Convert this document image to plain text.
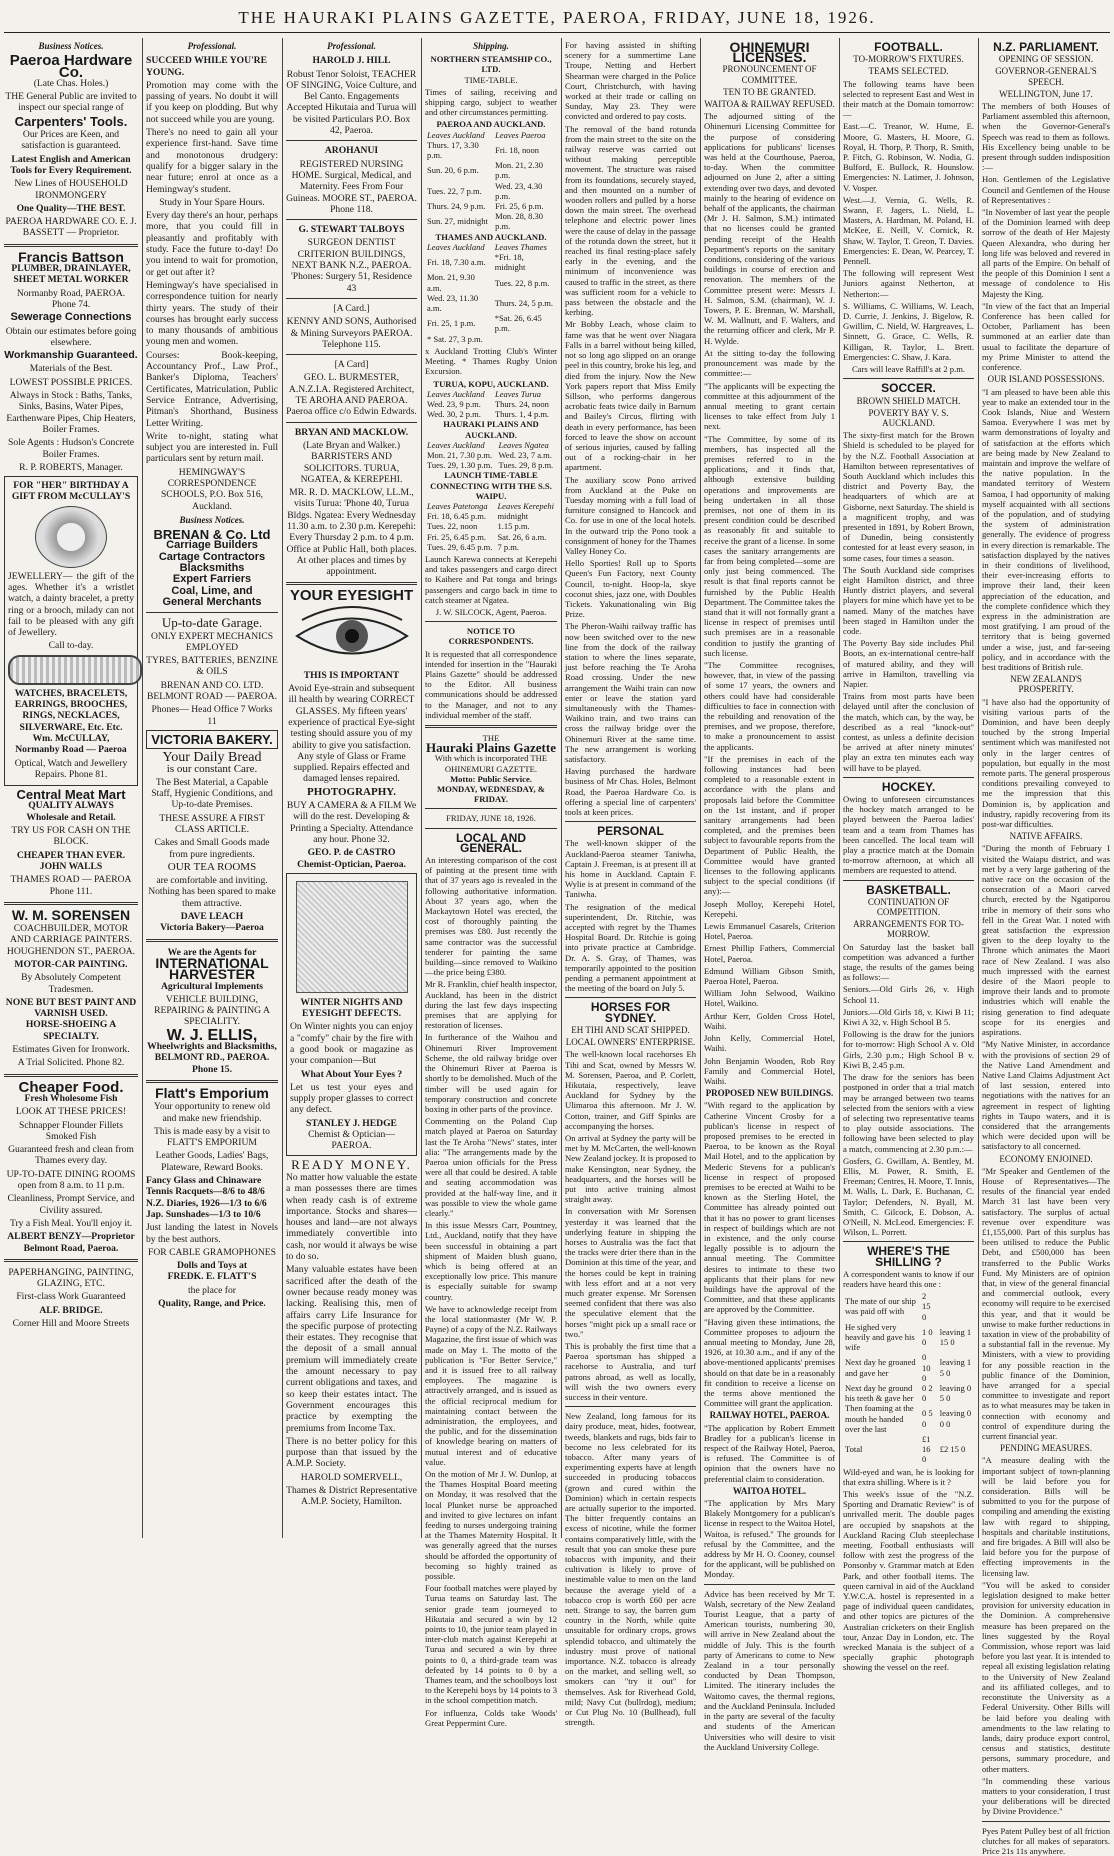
THE HAURAKI PLAINS GAZETTE, PAEROA, FRIDAY, JUNE 18, 1926.
Business Notices.
Paeroa Hardware Co.
(Late Chas. Holes.)

THE General Public are invited to inspect our special range of

Carpenters' Tools.

Our Prices are Keen, and satisfaction is guaranteed.

Latest English and American Tools for Every Requirement.

New Lines of HOUSEHOLD IRONMONGERY

One Quality—THE BEST.

PAEROA HARDWARE CO. E. J. BASSETT — Proprietor.

Francis Battson
PLUMBER, DRAINLAYER, SHEET METAL WORKER

Normanby Road, PAEROA. Phone 74.

Sewerage Connections

Obtain our estimates before going elsewhere.

Workmanship Guaranteed.

Materials of the Best.

LOWEST POSSIBLE PRICES.

Always in Stock : Baths, Tanks, Sinks, Basins, Water Pipes, Earthenware Pipes, Chip Heaters, Boiler Frames.

Sole Agents : Hudson's Concrete Boiler Frames.

R. P. ROBERTS, Manager.

FOR "HER" BIRTHDAY A GIFT FROM McCULLAY'S

JEWELLERY— the gift of the ages. Whether it's a wristlet watch, a dainty bracelet, a pretty ring or a brooch, milady can not fail to be pleased with any gift of Jewellery.

Call to-day.

WATCHES, BRACELETS, EARRINGS, BROOCHES, RINGS, NECKLACES, SILVERWARE, Etc. Etc.
Wm. McCULLAY,
Normanby Road — Paeroa

Optical, Watch and Jewellery Repairs. Phone 81.

Central Meat Mart
QUALITY ALWAYS
Wholesale and Retail.

TRY US FOR CASH ON THE BLOCK.

CHEAPER THAN EVER.
JOHN WALLS

THAMES ROAD — PAEROA Phone 111.

W. M. SORENSEN

COACHBUILDER, MOTOR AND CARRIAGE PAINTERS. HOUGHENDON ST., PAEROA.

MOTOR-CAR PAINTING.

By Absolutely Competent Tradesmen.

NONE BUT BEST PAINT AND VARNISH USED.
HORSE-SHOEING A SPECIALTY.

Estimates Given for Ironwork.

A Trial Solicited. Phone 82.

Cheaper Food.
Fresh Wholesome Fish

LOOK AT THESE PRICES!

Schnapper Flounder Fillets Smoked Fish

Guaranteed fresh and clean from Thames every day.

UP-TO-DATE DINING ROOMS open from 8 a.m. to 11 p.m.

Cleanliness, Prompt Service, and Civility assured.

Try a Fish Meal. You'll enjoy it.

ALBERT BENZY—Proprietor Belmont Road, Paeroa.

PAPERHANGING, PAINTING, GLAZING, ETC.

First-class Work Guaranteed

ALF. BRIDGE.

Corner Hill and Moore Streets

Professional.
SUCCEED WHILE YOU'RE YOUNG.

Promotion may come with the passing of years. No doubt it will if you keep on plodding. But why not succeed while you are young.

There's no need to gain all your experience first-hand. Save time and monotonous drudgery: qualify for a bigger salary in the near future; enrol at once as a Hemingway's student.

Study in Your Spare Hours.

Every day there's an hour, perhaps more, that you could fill in pleasantly and profitably with study. Face the future to-day! Do you intend to wait for promotion, or get out after it?

Hemingway's have specialised in correspondence tuition for nearly thirty years. The study of their courses has brought early success to many thousands of ambitious young men and women.

Courses: Book-keeping, Accountancy Prof., Law Prof., Banker's Diploma, Teachers' Certificates, Matriculation, Public Service Entrance, Advertising, Pitman's Shorthand, Business Letter Writing.

Write to-night, stating what subject you are interested in. Full particulars sent by return mail.

HEMINGWAY'S CORRESPONDENCE SCHOOLS, P.O. Box 516, Auckland.

Business Notices.
BRENAN & Co. Ltd
Carriage Builders
Cartage Contractors
Blacksmiths
Expert Farriers
Coal, Lime, and
General Merchants
Up-to-date Garage.

ONLY EXPERT MECHANICS EMPLOYED

TYRES, BATTERIES, BENZINE & OILS

BRENAN AND CO. LTD. BELMONT ROAD — PAEROA.

Phones— Head Office 7 Works 11

VICTORIA BAKERY.
Your Daily Bread
is our constant Care.

The Best Material, a Capable Staff, Hygienic Conditions, and Up-to-date Premises.

THESE ASSURE A FIRST CLASS ARTICLE.

Cakes and Small Goods made from pure ingredients.

OUR TEA ROOMS

are comfortable and inviting. Nothing has been spared to make them attractive.

DAVE LEACH
Victoria Bakery—Paeroa
We are the Agents for
INTERNATIONAL HARVESTER
Agricultural Implements

VEHICLE BUILDING, REPAIRING & PAINTING A SPECIALITY.

W. J. ELLIS,
Wheelwrights and Blacksmiths,
BELMONT RD., PAEROA. Phone 15.
Flatt's Emporium

Your opportunity to renew old and make new friendship.

This is made easy by a visit to FLATT'S EMPORIUM

Leather Goods, Ladies' Bags, Plateware, Reward Books.

Fancy Glass and Chinaware
Tennis Racquets—8/6 to 48/6
N.Z. Diaries, 1926—1/3 to 6/6
Jap. Sunshades—1/3 to 10/6

Just landing the latest in Novels by the best authors.

FOR CABLE GRAMOPHONES

Dolls and Toys at
FREDK. E. FLATT'S

the place for

Quality, Range, and Price.
Professional.
HAROLD J. HILL

Robust Tenor Soloist, TEACHER OF SINGING, Voice Culture, and Bel Canto. Engagements Accepted Hikutaia and Turua will be visited Particulars P.O. Box 42, Paeroa.

AROHANUI

REGISTERED NURSING HOME. Surgical, Medical, and Maternity. Fees From Four Guineas. MOORE ST., PAEROA. Phone 118.

G. STEWART TALBOYS

SURGEON DENTIST CRITERION BUILDINGS, NEXT BANK N.Z., PAEROA. 'Phones: Surgery 51, Residence 43

[A Card.]

KENNY AND SONS, Authorised & Mining Surveyors PAEROA. Telephone 115.

[A Card]

GEO. L. BURMESTER, A.N.Z.I.A. Registered Architect, TE AROHA AND PAEROA. Paeroa office c/o Edwin Edwards.

BRYAN AND MACKLOW.

(Late Bryan and Walker.) BARRISTERS AND SOLICITORS. TURUA, NGATEA, & KEREPEHI.

MR. R. D. MACKLOW, LL.M., visits Turua: 'Phone 40, Turua Bldgs. Ngatea: Every Wednesday 11.30 a.m. to 2.30 p.m. Kerepehi: Every Thursday 2 p.m. to 4 p.m. Office at Public Hall, both places. At other places and times by appointment.

YOUR EYESIGHT
THIS IS IMPORTANT

Avoid Eye-strain and subsequent ill health by wearing CORRECT GLASSES. My fifteen years' experience of practical Eye-sight testing should assure you of my ability to give you satisfaction. Any style of Glass or Frame supplied. Repairs effected and damaged lenses repaired.

PHOTOGRAPHY.

BUY A CAMERA & A FILM We will do the rest. Developing & Printing a Specialty. Attendance any hour. Phone 32.

GEO. P. de CASTRO
Chemist-Optician, Paeroa.
WINTER NIGHTS AND EYESIGHT DEFECTS.

On Winter nights you can enjoy a "comfy" chair by the fire with a good book or magazine as your companion—But

What About Your Eyes ?

Let us test your eyes and supply proper glasses to correct any defect.

STANLEY J. HEDGE
Chemist & Optician—PAEROA.
READY MONEY.

No matter how valuable the estate a man possesses there are times when ready cash is of extreme importance. Stocks and shares—houses and land—are not always immediately convertible into cash, nor would it always be wise to do so.

Many valuable estates have been sacrificed after the death of the owner because ready money was lacking. Realising this, men of affairs carry Life Insurance for the specific purpose of protecting their estates. They recognise that the deposit of a small annual premium will immediately create the amount necessary to pay current obligations and taxes, and so keep their estates intact. The Government encourages this practice by exempting the premiums from Income Tax.

There is no better policy for this purpose than that issued by the A.M.P. Society.

HAROLD SOMERVELL,

Thames & District Representative A.M.P. Society, Hamilton.

Shipping.
NORTHERN STEAMSHIP CO., LTD.
TIME-TABLE.

Times of sailing, receiving and shipping cargo, subject to weather and other circumstances permitting.

PAEROA AND AUCKLAND.
Leaves Auckland	Leaves Paeroa
Thurs. 17, 3.30 p.m.	Fri. 18, noon
Sun. 20, 6 p.m.	Mon. 21, 2.30 p.m.
Tues. 22, 7 p.m.	Wed. 23, 4.30 p.m.
Thurs. 24, 9 p.m.	Fri. 25, 6 p.m.
Sun. 27, midnight	Mon. 28, 8.30 p.m.
THAMES AND AUCKLAND.
Leaves Auckland	Leaves Thames
Fri. 18, 7.30 a.m.	*Fri. 18, midnight
Mon. 21, 9.30 a.m.	Tues. 22, 8 p.m.
Wed. 23, 11.30 a.m.	Thurs. 24, 5 p.m.
Fri. 25, 1 p.m.	*Sat. 26, 6.45 p.m.
* Sat. 27, 3 p.m.	

x Auckland Trotting Club's Winter Meeting. * Thames Rugby Union Excursion.

TURUA, KOPU, AUCKLAND.
Leaves Auckland	Leaves Turua
Wed. 23, 9 p.m.	Thurs. 24, noon
Wed. 30, 2 p.m.	Thurs. 1, 4 p.m.
HAURAKI PLAINS AND AUCKLAND.
Leaves Auckland	Leaves Ngatea
Mon. 21, 7.30 p.m.	Wed. 23, 7 a.m.
Tues. 29, 1.30 p.m.	Tues. 29, 8 p.m.
LAUNCH TIME-TABLE CONNECTING WITH THE S.S. WAIPU.
Leaves Patetonga	Leaves Kerepehi
Fri. 18, 6.45 p.m.	midnight
Tues. 22, noon	1.15 p.m.
Fri. 25, 6.45 p.m.	Sat. 26, 6 a.m.
Tues. 29, 6.45 p.m.	7 p.m.

Launch Karewa connects at Kerepehi and takes passengers and cargo direct to Kaihere and Pat tonga and brings passengers and cargo back in time to catch steamer at Ngatea.

J. W. SILCOCK, Agent, Paeroa.
NOTICE TO CORRESPONDENTS.

It is requested that all correspondence intended for insertion in the "Hauraki Plains Gazette" should be addressed to the Editor. All business communications should be addressed to the Manager, and not to any individual member of the staff.

THE
Hauraki Plains Gazette
With which is incorporated THE OHINEMURI GAZETTE.
Motto: Public Service.
MONDAY, WEDNESDAY, & FRIDAY.
FRIDAY, JUNE 18, 1926.
LOCAL AND GENERAL.

An interesting comparison of the cost of painting at the present time with that of 37 years ago is revealed in the following authoritative information. About 37 years ago, when the Mackaytown Hotel was erected, the cost of thoroughly painting the premises was £80. Just recently the same contractor was the successful tenderer for painting the same building—since removed to Waikino—the price being £380.

Mr R. Franklin, chief health inspector, Auckland, has been in the district during the last few days inspecting premises that are applying for restoration of licenses.

In furtherance of the Waihou and Ohinemuri River Improvement Scheme, the old railway bridge over the Ohinemuri River at Paeroa is shortly to be demolished. Much of the timber will be used again for temporary construction and concrete boxing in other parts of the province.

Commenting on the Poland Cup match played at Paeroa on Saturday last the Te Aroha "News" states, inter alia: "The arrangements made by the Paeroa union officials for the Press were all that could be desired. A table and seating accommodation was provided at the half-way line, and it was possible to view the whole game clearly."

In this issue Messrs Carr, Pountney, Ltd., Auckland, notify that they have been successful in obtaining a part shipment of Maiden blush guano, which is being offered at an exceptionally low price. This manure is especially suitable for swamp country.

We have to acknowledge receipt from the local stationmaster (Mr W. P. Payne) of a copy of the N.Z. Railways Magazine, the first issue of which was made on May 1. The motto of the publication is "For Better Service," and it is issued free to all railway employees. The magazine is attractively arranged, and is issued as the official reciprocal medium for maintaining contact between the administration, the employees, and the public, and for the dissemination of knowledge bearing on matters of mutual interest and of educative value.

On the motion of Mr J. W. Dunlop, at the Thames Hospital Board meeting on Monday, it was resolved that the local Plunket nurse be approached and invited to give lectures on infant feeding to nurses undergoing training at the Thames Maternity Hospital. It was generally agreed that the nurses should be afforded the opportunity of becoming so highly trained as possible.

Four football matches were played by Turua teams on Saturday last. The senior grade team journeyed to Hikutaia and secured a win by 12 points to 10, the junior team played in inter-club match against Kerepehi at Turua and secured a win by three points to 0, a third-grade team was defeated by 14 points to 0 by a Thames team, and the schoolboys lost to the Kerepehi boys by 14 points to 3 in the school competition match.

For influenza, Colds take Woods' Great Peppermint Cure.

For having assisted in shifting scenery for a summertime Lane Troupe, Netting and Herbert Shearman were charged in the Police Court, Christchurch, with having worked at their trade or calling on Sunday, May 23. They were convicted and ordered to pay costs.

The removal of the band rotunda from the main street to the site on the railway reserve was carried out without making perceptible movement. The structure was raised from its foundations, securely stayed, and then mounted on a number of wooden rollers and pulled by a horse down the main street. The overhead telephone and electric power lines were the cause of delay in the passage of the rotunda down the street, but it reached its final resting-place safely early in the evening, and the minimum of inconvenience was caused to traffic in the street, as there was sufficient room for a vehicle to pass between the obstacle and the kerbing.

Mr Bobby Leach, whose claim to fame was that he went over Niagara Falls in a barrel without being killed, not so long ago slipped on an orange peel in this country, broke his leg, and died from the injury. Now the New York papers report that Miss Emily Sillson, who performs dangerous acrobatic feats twice daily in Barnum and Bailey's Circus, flirting with death in every performance, has been forced to leave the show on account of serious injuries, caused by falling out of a rocking-chair in her apartment.

The auxiliary scow Pono arrived from Auckland at the Puke on Tuesday morning with a full load of furniture consigned to Hancock and Co. for use in one of the local hotels. In the outward trip the Pono took a consignment of honey for the Thames Valley Honey Co.

Hello Sporties! Roll up to Sports Queen's Fun Factory, next County Council, to-night. Hoop-la, skye coconut shies, jazz one, with Doubles Tickets. Yakunationaling win Big Prize.

The Pheron-Waihi railway traffic has now been switched over to the new line from the dock of the railway station to where the lines separate, just before reaching the Te Aroha Road crossing. Under the new arrangement the Waihi train can now enter or leave the station yard simultaneously with the Thames-Waikino train, and two trains can cross the railway bridge over the Ohinemuri River at the same time. The new arrangement is working satisfactory.

Having purchased the hardware business of Mr Chas. Holes, Belmont Road, the Paeroa Hardware Co. is offering a special line of carpenters' tools at keen prices.

PERSONAL

The well-known skipper of the Auckland-Paeroa steamer Taniwha, Captain J. Freeman, is at present ill at his home in Auckland. Captain F. Wylie is at present in command of the Taniwha.

The resignation of the medical superintendent, Dr. Ritchie, was accepted with regret by the Thames Hospital Board. Dr. Ritchie is going into private practice at Cambridge. Dr. A. S. Gray, of Thames, was temporarily appointed to the position pending a permanent appointment at the meeting of the board on July 5.

HORSES FOR SYDNEY.
EH TIHI AND SCAT SHIPPED.
LOCAL OWNERS' ENTERPRISE.

The well-known local racehorses Eh Tihi and Scat, owned by Messrs W. M. Sorensen, Paeroa, and P. Corlett, Hikutaia, respectively, leave Auckland for Sydney by the Ulimaroa this afternoon. Mr J. W. Cotton, trainer, and Giff Spinks are accompanying the horses.

On arrival at Sydney the party will be met by M. McCarten, the well-known New Zealand jockey. It is proposed to make Kensington, near Sydney, the headquarters, and the horses will be put into active training almost straight away.

In conversation with Mr Sorensen yesterday it was learned that the underlying feature in shipping the horses to Australia was the fact that the tracks were drier there than in the Dominion at this time of the year, and the horses could be kept in training with less effort and at a not very much greater expense. Mr Sorensen seemed confident that there was also the speculative element that the horses "might pick up a small race or two."

This is probably the first time that a Paeroa sportsman has shipped a racehorse to Australia, and turf patrons abroad, as well as locally, will wish the two owners every success in their venture.

New Zealand, long famous for its dairy produce, meat, hides, footwear, tweeds, blankets and rugs, bids fair to become no less celebrated for its tobacco. After many years of experimenting experts have at length succeeded in producing tobaccos (grown and cured within the Dominion) which in certain respects are actually superior to the imported. The bitter frequently contains an excess of nicotine, while the former contains comparatively little, with the result that you can smoke these pure tobaccos with impunity, and their cultivation is likely to prove of inestimable value to men on the land because the average yield of a tobacco crop is worth £60 per acre nett. Strange to say, the barren gum country in the North, while quite unsuitable for ordinary crops, grows splendid tobacco, and ultimately the industry must prove of national importance. N.Z. tobacco is already on the market, and selling well, so smokers can "try it out" for themselves. Ask for Riverhead Gold, mild; Navy Cut (bullrdog), medium; or Cut Plug No. 10 (Bullhead), full strength.

OHINEMURI LICENSES.
PRONOUNCEMENT OF COMMITTEE.
TEN TO BE GRANTED.
WAITOA & RAILWAY REFUSED.

The adjourned sitting of the Ohinemuri Licensing Committee for the purpose of considering applications for publicans' licenses was held at the Courthouse, Paeroa, to-day. When the committee adjourned on June 2, after a sitting extending over two days, and devoted mainly to the hearing of evidence on behalf of the applicants, the chairman (Mr J. H. Salmon, S.M.) intimated that no licenses could be granted pending receipt of the Health Department's reports on the sanitary conditions, considering of the various buildings in course of erection and renovation. The members of the Committee present were: Messrs J. H. Salmon, S.M. (chairman), W. J. Towers, P. E. Brennan, W. Marshall, W. M. Wallnutt, and F. Walters, and the returning officer and clerk, Mr P. H. Wylde.

At the sitting to-day the following pronouncement was made by the committee:—

"The applicants will be expecting the committee at this adjournment of the annual meeting to grant certain licenses to take effect from July 1 next.

"The Committee, by some of its members, has inspected all the premises referred to in the applications, and it finds that, although extensive building operations and improvements are being undertaken in all those premises, not one of them in its present condition could be described as reasonably fit and suitable to receive the grant of a license. In some cases the sanitary arrangements are far from being completed—some are only just being commenced. The result is that final reports cannot be furnished by the Public Health Department. The Committee takes the stand that it will not formally grant a license in respect of premises until such premises are in a reasonable condition to justify the granting of such license.

"The Committee recognises, however, that, in view of the passing of some 17 years, the owners and others could have had considerable difficulties to face in connection with the rebuilding and renovation of the premises, and we propose, therefore, to make a pronouncement to assist the applicants.

"If the premises in each of the following instances had been completed to a reasonable extent in accordance with the plans and proposals laid before the Committee on the 1st instant, and if proper sanitary arrangements had been completed, and the premises been subject to favourable reports from the Department of Public Health, the Committee would have granted licenses to the following applicants subject to the special conditions (if any):—

Joseph Molloy, Kerepehi Hotel, Kerepehi.

Lewis Emmanuel Casarels, Criterion Hotel, Paeroa.

Ernest Phillip Fathers, Commercial Hotel, Paeroa.

Edmund William Gibson Smith, Paeroa Hotel, Paeroa.

William John Selwood, Waikino Hotel, Waikino.

Arthur Kerr, Golden Cross Hotel, Waihi.

John Kelly, Commercial Hotel, Waihi.

John Benjamin Wooden, Rob Roy Family and Commercial Hotel, Waihi.

PROPOSED NEW BUILDINGS.

"With regard to the application by Catherine Vincent Crosby for a publican's license in respect of proposed premises to be erected in Paeroa, to be known as the Royal Mail Hotel, and to the application by Mederic Stevens for a publican's license in respect of proposed premises to be erected at Waihi to be known as the Sterling Hotel, the Committee has already pointed out that it has no power to grant licenses in respect of buildings which are not in existence, and the only course legally possible is to adjourn the annual meeting. The Committee desires to intimate to these two applicants that their plans for new buildings have the approval of the Committee, and that these applicants are approved by the Committee.

"Having given these intimations, the Committee proposes to adjourn the annual meeting to Monday, June 28, 1926, at 10.30 a.m., and if any of the above-mentioned applicants' premises should on that date be in a reasonably fit condition to receive a license on the terms above mentioned the Committee will grant the application.

RAILWAY HOTEL, PAEROA.

"The application by Robert Emmett Bradley for a publican's license in respect of the Railway Hotel, Paeroa, is refused. The Committee is of opinion that the owners have no preferential claim to consideration.

WAITOA HOTEL.

"The application by Mrs Mary Blakely Montgomery for a publican's license in respect to the Waitoa Hotel, Waitoa, is refused." The grounds for refusal by the Committee, and the address by Mr H. O. Cooney, counsel for the applicant, will be published on Monday.

Advice has been received by Mr T. Walsh, secretary of the New Zealand Tourist League, that a party of American tourists, numbering 30, will arrive in New Zealand about the middle of July. This is the fourth party of Americans to come to New Zealand in a tour personally conducted by Dean Thompson, Limited. The itinerary includes the Waitomo caves, the thermal regions, and the Auckland Peninsula. Included in the party are several of the faculty and students of the American Universities who will desire to visit the Auckland University College.

FOOTBALL.
TO-MORROW'S FIXTURES.
TEAMS SELECTED.

The following teams have been selected to represent East and West in their match at the Domain tomorrow:—

East.—C. Treanor, W. Hume, E. Moore, G. Masters, H. Moore, G. Royal, H. Thorp, P. Thorp, R. Smith, P. Fitch, G. Robinson, W. Nodia, G. Bulford, E. Bullock, R. Hounslow. Emergencies: N. Latimer, J. Johnson, V. Vosper.

West.—J. Vernia, G. Wells, R. Swann, F. Jagers, L. Nield, L. Masters, A. Hardman, M. Poland, H. McKee, E. Neill, V. Cornick, R. Shaw, W. Taylor, T. Greon, T. Davies. Emergencies: E. Dean, W. Pearcey, T. Pennell.

The following will represent West Juniors against Netherton, at Netherton:—

S. Williams, C. Williams, W. Leach, D. Currie, J. Jenkins, J. Bigelow, R. Gwillim, C. Nield, W. Hargreaves, L. Sinnett, G. Grace, C. Wells, R. Killigan, R. Taylor, L. Brett. Emergencies: C. Shaw, J. Kara.

Cars will leave Raffill's at 2 p.m.

SOCCER.
BROWN SHIELD MATCH.
POVERTY BAY V. S. AUCKLAND.

The sixty-first match for the Brown Shield is scheduled to be played for by the N.Z. Football Association at Hamilton between representatives of South Auckland which includes this district and Poverty Bay, the headquarters of which are at Gisborne, next Saturday. The shield is a magnificent trophy, and was presented in 1891, by Robert Brown, of Dunedin, being consistently contested for at least every season, in some cases, four times a season.

The South Auckland side comprises eight Hamilton district, and three Huntly district players, and several players for mine which have yet to be named. Many of the matches have been staged in Hamilton under the code.

The Poverty Bay side includes Phil Boots, an ex-international centre-half of matured ability, and they will arrive in Hamilton, travelling via Napier.

Trains from most parts have been delayed until after the conclusion of the match, which can, by the way, be described as a real "knock-out" contest, as unless a definite decision be arrived at after ninety minutes' play an extra ten minutes each way will have to be played.

HOCKEY.

Owing to unforeseen circumstances the hockey match arranged to be played between the Paeroa ladies' team and a team from Thames has been cancelled. The local team will play a practice match at the Domain to-morrow afternoon, at which all members are requested to attend.

BASKETBALL.
CONTINUATION OF COMPETITION.
ARRANGEMENTS FOR TO-MORROW.

On Saturday last the basket ball competition was advanced a further stage, the results of the games being as follows:—

Seniors.—Old Girls 26, v. High School 11.

Juniors.—Old Girls 18, v. Kiwi B 11; Kiwi A 32, v. High School B 5.

Following is the draw for the juniors for to-morrow: High School A v. Old Girls, 2.30 p.m.; High School B v. Kiwi B, 2.45 p.m.

The draw for the seniors has been postponed in order that a trial match may be arranged between two teams selected from the seniors with a view of selecting two representative teams to play outside associations. The following have been selected to play a match, commencing at 2.30 p.m.:—

Gosfers, G. Gwillam, A. Bentley, M. Ellis, M. Power, R. Smith, E. Freeman; Centres, H. Moore, T. Innis, M. Walls, L. Dark, E. Buchanan, C. Taylor; Defenders, N. Byall, M. Smith, C. Gilcock, E. Dobson, A. O'Neill, N. McLeod. Emergencies: F. Wilson, L. Porrett.

WHERE'S THE SHILLING ?

A correspondent wants to know if our readers have heard this one :

The mate of our ship was paid off with	2 15 0	
He sighed very heavily and gave his wife	1 0 0	leaving 1 15 0
Next day he groaned and gave her	0 10 0	leaving 1 5 0
Next day he ground his teeth & gave her	0 2 0	leaving 0 5 0
Then foaming at the mouth he handed over the last	0 5 0	leaving 0 0 0
Total	£1 16 0	£2 15 0

Wild-eyed and wan, he is looking for that extra shilling. Where is it ?

This week's issue of the "N.Z. Sporting and Dramatic Review" is of unrivalled merit. The double pages are occupied by snapshots at the Auckland Racing Club steeplechase meeting. Football enthusiasts will follow with zest the progress of the Ponsonby v. Grammar match at Eden Park, and other football items. The queen carnival in aid of the Auckland Y.W.C.A. hostel is represented in a page of individual queen candidates, and other topics are pictures of the Australian cricketers on their English tour, Anzac Day in London, etc. The wrecked Manaia is the subject of a specially graphic photograph showing the vessel on the reef.

N.Z. PARLIAMENT.
OPENING OF SESSION.
GOVERNOR-GENERAL'S SPEECH.
WELLINGTON, June 17.

The members of both Houses of Parliament assembled this afternoon, when the Governor-General's Speech was read to them as follows. His Excellency being unable to be present through sudden indisposition :—

Hon. Gentlemen of the Legislative Council and Gentlemen of the House of Representatives :

"In November of last year the people of the Dominion learned with deep sorrow of the death of Her Majesty Queen Alexandra, who during her long life was beloved and revered in all parts of the Empire. On behalf of the people of this Dominion I sent a message of condolence to His Majesty the King.

"In view of the fact that an Imperial Conference has been called for October, Parliament has been summoned at an earlier date than usual to facilitate the departure of my Prime Minister to attend the conference.

OUR ISLAND POSSESSIONS.

"I am pleased to have been able this year to make an extended tour in the Cook Islands, Niue and Western Samoa. Everywhere I was met by warm demonstrations of loyalty and of satisfaction at the efforts which are being made by New Zealand to maintain and improve the welfare of the native population. In the mandated territory of Western Samoa, I had opportunity of making myself acquainted with all sections of the population, and of studying the system of administration generally. The evidence of progress in every direction is remarkable. The satisfaction displayed by the natives in their conditions of livelihood, their ever-increasing efforts to improve their land, their keen appreciation of the education, and the complete confidence which they express in the administration are most gratifying. I am proud of the territory that is being governed under a wise, just, and far-seeing policy, and in accordance with the best traditions of British rule.

NEW ZEALAND'S PROSPERITY.

"I have also had the opportunity of visiting various parts of the Dominion, and have been deeply touched by the strong Imperial sentiment which was manifested not only in the larger centres of population, but equally in the most remote parts. The general prosperous conditions prevailing conveyed to me the impression that this Dominion is, by application and industry, rapidly recovering from its post-war difficulties.

NATIVE AFFAIRS.

"During the month of February I visited the Waiapu district, and was met by a very large gathering of the native race on the occasion of the consecration of a Maori carved church, erected by the Ngatiporou tribe in memory of their sons who fell in the Great War. I noted with great satisfaction the expression given to the deep loyalty to the Throne which animates the Maori race of New Zealand. I was also much impressed with the earnest desire of the Maori people to improve their lands and to promote industries which will enable the rising generation to find adequate scope for its energies and aspirations.

"My Native Minister, in accordance with the provisions of section 29 of the Native Land Amendment and Native Land Claims Adjustment Act of last session, entered into negotiations with the natives for an agreement in respect of lighting rights in Taupo waters, and it is considered that the arrangements which were decided upon will be satisfactory to all concerned.

ECONOMY ENJOINED.

"Mr Speaker and Gentlemen of the House of Representatives—The results of the financial year ended March 31 last have been very satisfactory. The surplus of actual revenue over expenditure was £1,155,000. Part of this surplus has been utilised to reduce the Public Debt, and £500,000 has been transferred to the Public Works Fund. My Ministers are of opinion that, in view of the general financial and commercial outlook, every economy will require to be exercised this year, and that it would be unwise to make further reductions in taxation in view of the probability of a substantial fall in the revenue. My Ministers, with a view to providing for any possible reaction in the public finance of the Dominion, have arranged for a special committee to investigate and report as to what measures may be taken in connection with economy and control of expenditure during the current financial year.

PENDING MEASURES.

"A measure dealing with the important subject of town-planning will be laid before you for consideration. Bills will be submitted to you for the purpose of compiling and amending the existing law with regard to shipping, hospitals and charitable institutions, and fire brigades. A Bill will also be laid before you for the purpose of effecting improvements in the licensing law.

"You will be asked to consider legislation designed to make better provision for university education in the Dominion. A comprehensive measure has been prepared on the lines suggested by the Royal Commission, whose report was laid before you last year. It is intended to repeal all existing legislation relating to the University of New Zealand and its affiliated colleges, and to reconstitute the University as a Federal University. Other Bills will be laid before you dealing with amendments to the law relating to lands, dairy produce export control, census and statistics, destitute persons, summary procedure, and other matters.

"In commending these various matters to your consideration, I trust your deliberations will be directed by Divine Providence."

Pyes Patent Pulley best of all friction clutches for all makes of separators. Price 21s 11s anywhere.
